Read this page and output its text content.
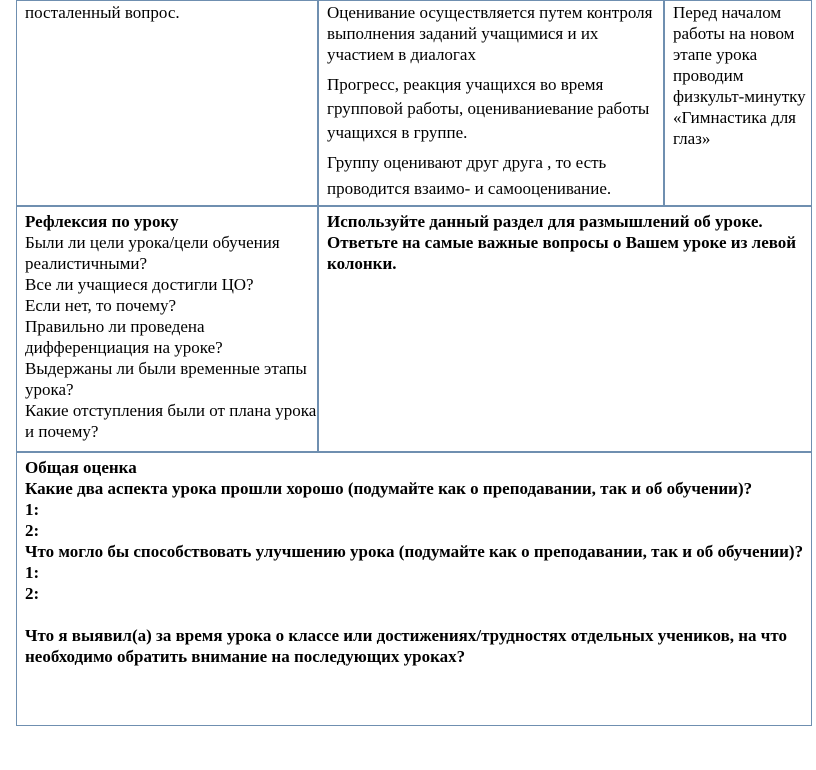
посталенный вопрос.	Оценивание осуществляется путем контроля выполнения заданий учащимися и их участием в диалогах

Прогресс, реакция учащихся во время групповой работы, оценивaниевание работы учащихся в группе.

Группу оценивают друг друга , то есть проводится взаимо- и самооценивание.

Перед началом работы на новом этапе урока проводим физкульт-минутку «Гимнастика для глаз»

Рефлексия по уроку

Были ли цели урока/цели обучения реалистичными?

Все ли учащиеся достигли ЦО?

Если нет, то почему?

Правильно ли проведена дифференциация на уроке?

Выдержаны ли были временные этапы урока?

Какие отступления были от плана урока и почему?

Используйте данный раздел для размышлений об уроке. Ответьте на самые важные вопросы о Вашем уроке из левой колонки.

Общая оценка

Какие два аспекта урока прошли хорошо (подумайте как о преподавании, так и об обучении)?

1:

2:

Что могло бы способствовать улучшению урока (подумайте как о преподавании, так и об обучении)?

1:

2:

Что я выявил(а) за время урока о классе или достижениях/трудностях отдельных учеников, на что необходимо обратить внимание на последующих уроках?
